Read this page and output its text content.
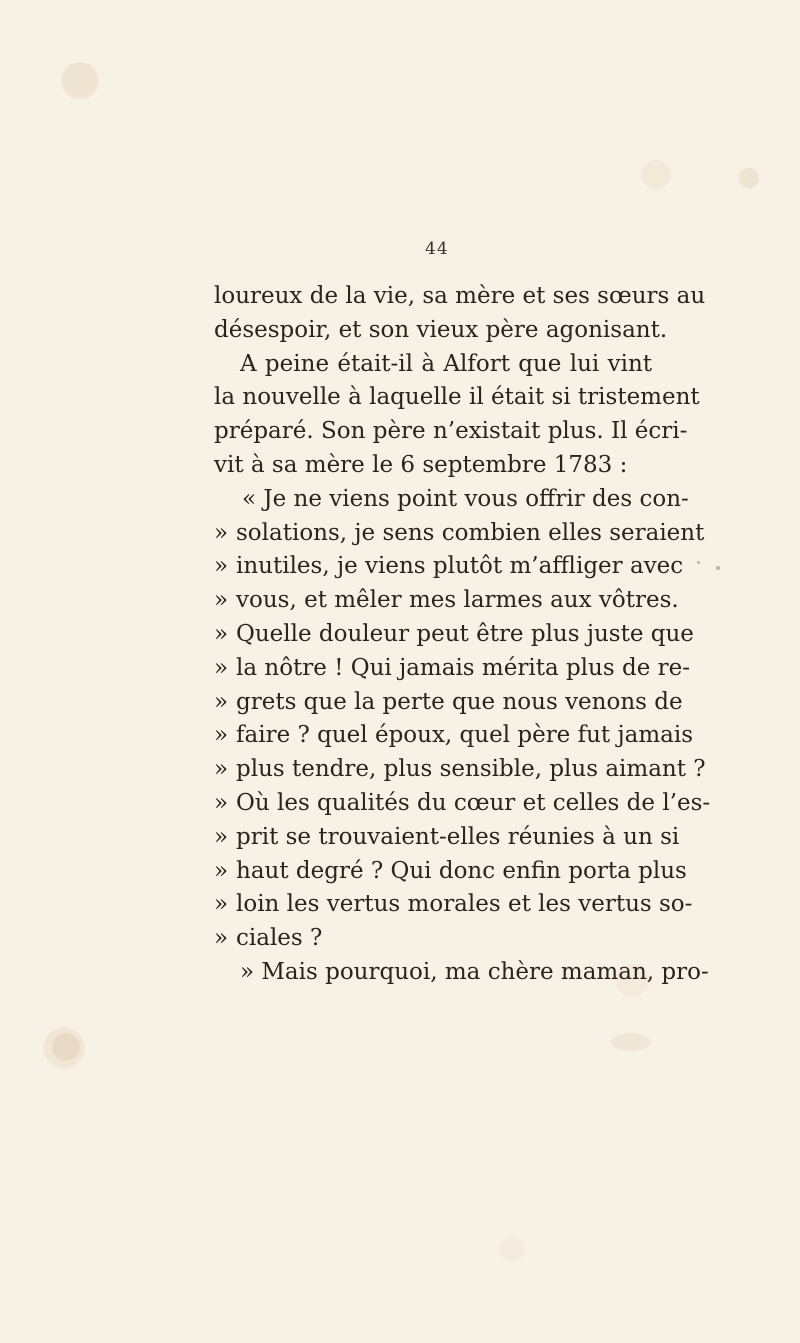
44
loureux de la vie, sa mère et ses sœurs au
désespoir, et son vieux père agonisant.
A peine était-il à Alfort que lui vint
la nouvelle à laquelle il était si tristement
préparé. Son père n’existait plus. Il écri-
vit à sa mère le 6 septembre 1783 :
« Je ne viens point vous offrir des con-
» solations, je sens combien elles seraient
» inutiles, je viens plutôt m’affliger avec
» vous, et mêler mes larmes aux vôtres.
» Quelle douleur peut être plus juste que
» la nôtre ! Qui jamais mérita plus de re-
» grets que la perte que nous venons de
» faire ? quel époux, quel père fut jamais
» plus tendre, plus sensible, plus aimant ?
» Où les qualités du cœur et celles de l’es-
» prit se trouvaient-elles réunies à un si
» haut degré ? Qui donc enfin porta plus
» loin les vertus morales et les vertus so-
» ciales ?
» Mais pourquoi, ma chère maman, pro-
